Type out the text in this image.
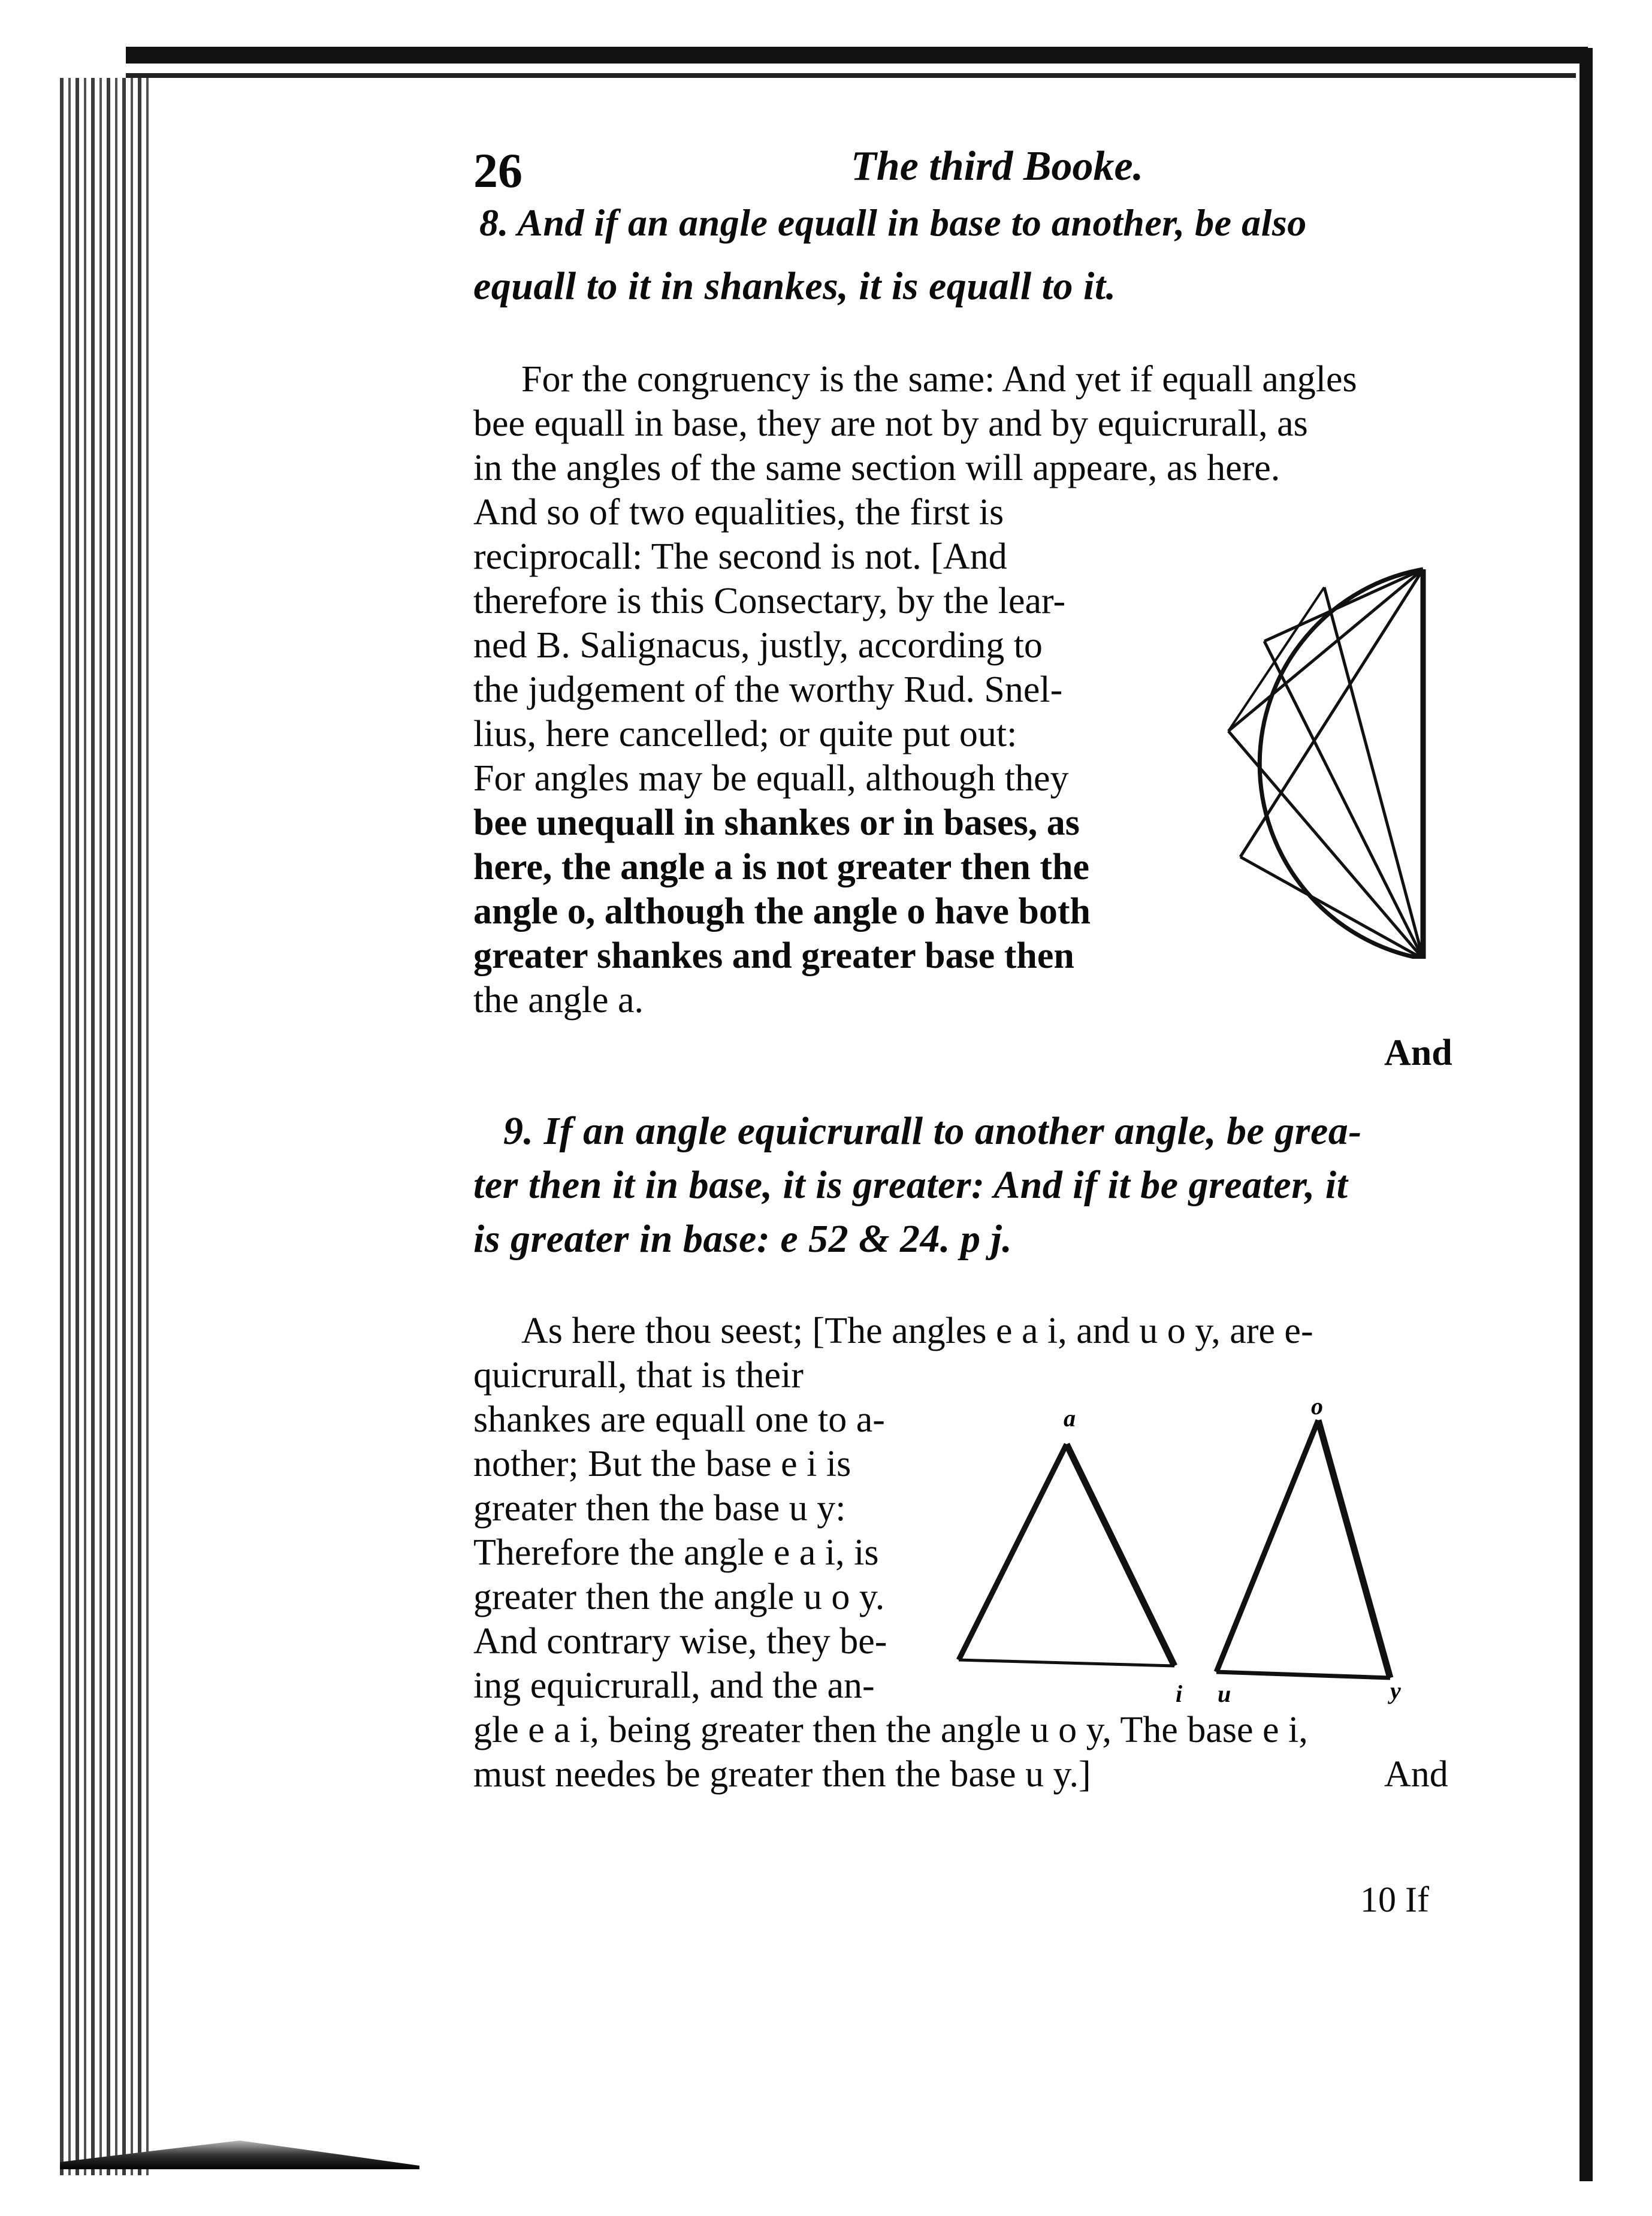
26	The third Booke.
8. And if an angle equall in base to another, be also
equall to it in shankes, it is equall to it.
For the congruency is the same: And yet if equall angles
bee equall in base, they are not by and by equicrurall, as
in the angles of the same section will appeare, as here.
And so of two equalities, the first is
reciprocall: The second is not. [And
therefore is this Consectary, by the lear-
ned B. Salignacus, justly, according to
the judgement of the worthy Rud. Snel-
lius, here cancelled; or quite put out:
For angles may be equall, although they
bee unequall in shankes or in bases, as
here, the angle a is not greater then the
angle o, although the angle o have both
greater shankes and greater base then
the angle a.
And
9. If an angle equicrurall to another angle, be grea-
ter then it in base, it is greater: And if it be greater, it
is greater in base: e 52 & 24. p j.
As here thou seest; [The angles e a i, and u o y, are e-
quicrurall, that is their
shankes are equall one to a-
nother; But the base e i is
greater then the base u y:
Therefore the angle e a i, is
greater then the angle u o y.
And contrary wise, they be-
ing equicrurall, and the an-
gle e a i, being greater then the angle u o y, The base e i,
must needes be greater then the base u y.]	And
a	o
i u	y
10 If
